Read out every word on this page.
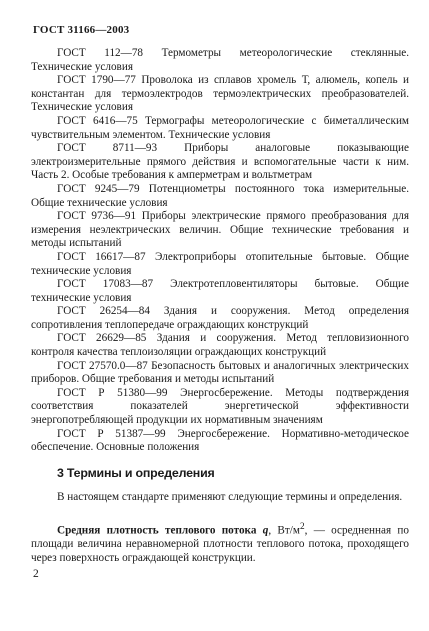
ГОСТ 31166—2003

ГОСТ 112—78 Термометры метеорологические стеклянные. Технические условия

ГОСТ 1790—77 Проволока из сплавов хромель Т, алюмель, копель и константан для термоэлектродов термоэлектрических преобразователей. Технические условия

ГОСТ 6416—75 Термографы метеорологические с биметаллическим чувствительным элементом. Технические условия

ГОСТ 8711—93 Приборы аналоговые показывающие электроизмерительные прямого действия и вспомогательные части к ним. Часть 2. Особые требования к амперметрам и вольтметрам

ГОСТ 9245—79 Потенциометры постоянного тока измерительные. Общие технические условия

ГОСТ 9736—91 Приборы электрические прямого преобразования для измерения неэлектрических величин. Общие технические требования и методы испытаний

ГОСТ 16617—87 Электроприборы отопительные бытовые. Общие технические условия

ГОСТ 17083—87 Электротепловентиляторы бытовые. Общие технические условия

ГОСТ 26254—84 Здания и сооружения. Метод определения сопротивления теплопередаче ограждающих конструкций

ГОСТ 26629—85 Здания и сооружения. Метод тепловизионного контроля качества теплоизоляции ограждающих конструкций

ГОСТ 27570.0—87 Безопасность бытовых и аналогичных электрических приборов. Общие требования и методы испытаний

ГОСТ Р 51380—99 Энергосбережение. Методы подтверждения соответствия показателей энергетической эффективности энергопотребляющей продукции их нормативным значениям

ГОСТ Р 51387—99 Энергосбережение. Нормативно-методическое обеспечение. Основные положения

3 Термины и определения

В настоящем стандарте применяют следующие термины и определения.

Средняя плотность теплового потока q, $Вт/м^2$, — осредненная по площади величина неравномерной плотности теплового потока, проходящего через поверхность ограждающей конструкции.

2
